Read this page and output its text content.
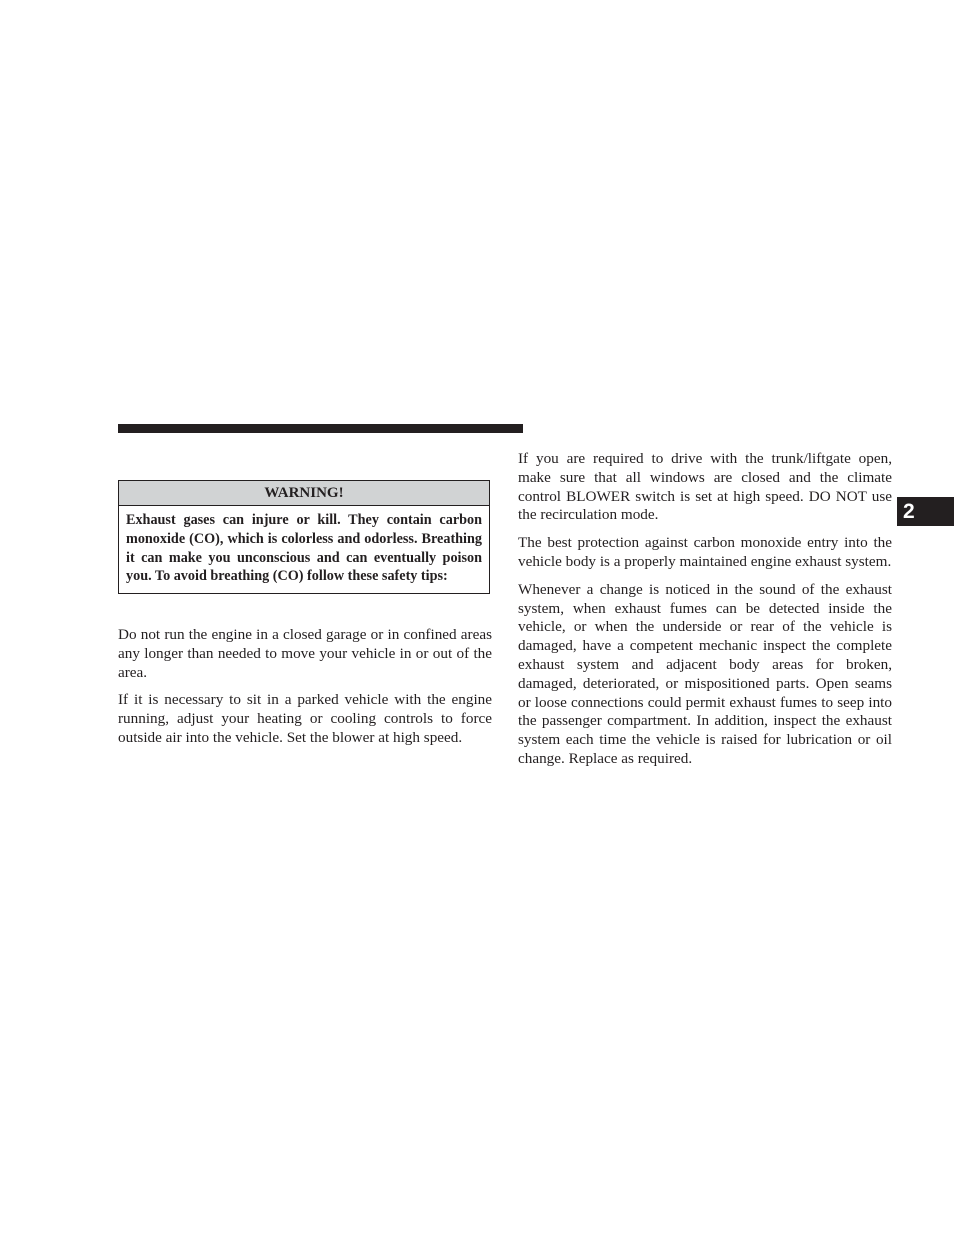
WARNING!
Exhaust gases can injure or kill. They contain carbon monoxide (CO), which is colorless and odorless. Breathing it can make you unconscious and can eventually poison you. To avoid breathing (CO) follow these safety tips:

Do not run the engine in a closed garage or in confined areas any longer than needed to move your vehicle in or out of the area.

If it is necessary to sit in a parked vehicle with the engine running, adjust your heating or cooling controls to force outside air into the vehicle. Set the blower at high speed.

If you are required to drive with the trunk/liftgate open, make sure that all windows are closed and the climate control BLOWER switch is set at high speed. DO NOT use the recirculation mode.

The best protection against carbon monoxide entry into the vehicle body is a properly maintained engine exhaust system.

Whenever a change is noticed in the sound of the exhaust system, when exhaust fumes can be detected inside the vehicle, or when the underside or rear of the vehicle is damaged, have a competent mechanic inspect the complete exhaust system and adjacent body areas for broken, damaged, deteriorated, or mispositioned parts. Open seams or loose connections could permit exhaust fumes to seep into the passenger compartment. In addition, inspect the exhaust system each time the vehicle is raised for lubrication or oil change. Replace as required.

2
